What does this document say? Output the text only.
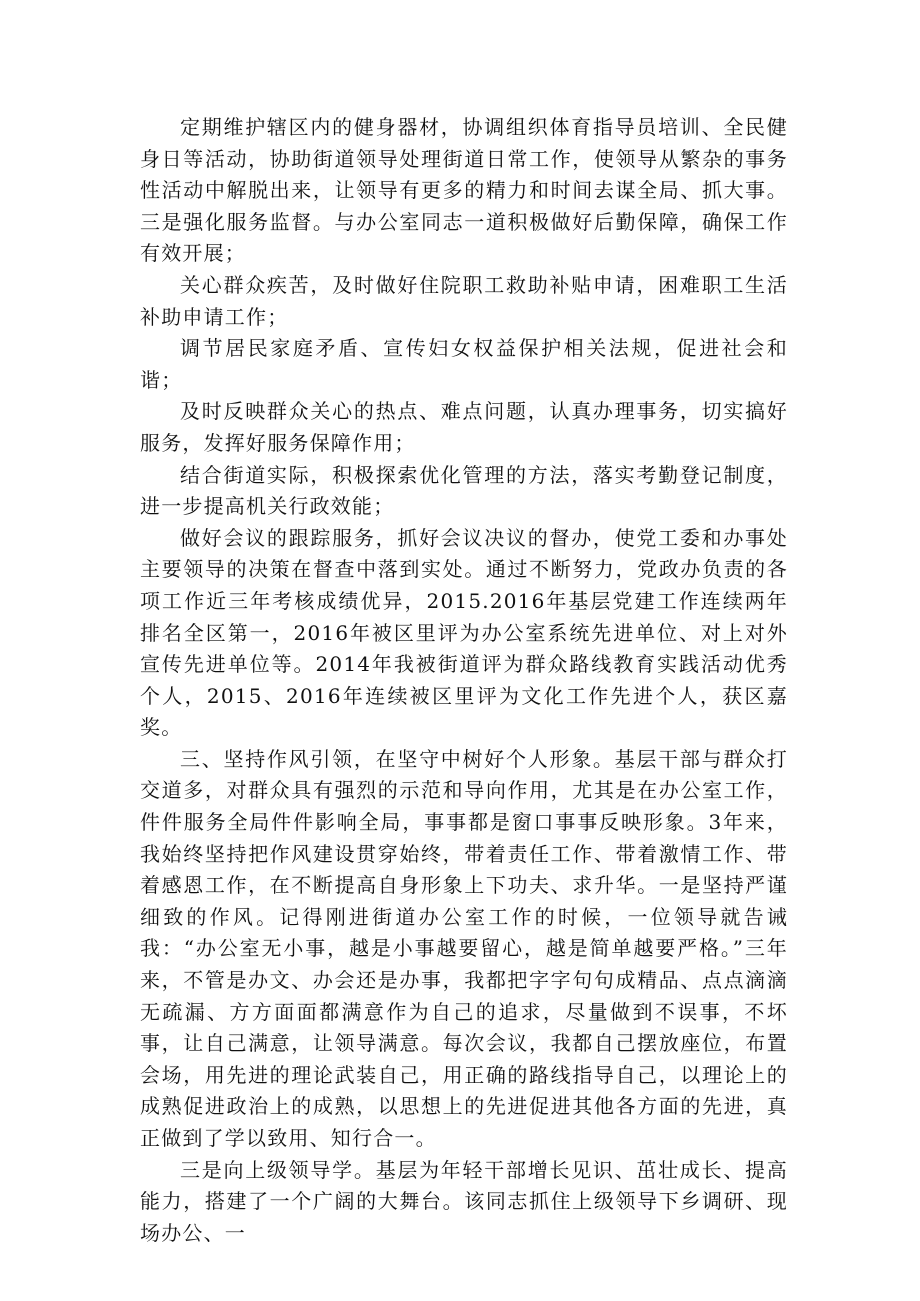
定期维护辖区内的健身器材，协调组织体育指导员培训、全民健身日等活动，协助街道领导处理街道日常工作，使领导从繁杂的事务性活动中解脱出来，让领导有更多的精力和时间去谋全局、抓大事。三是强化服务监督。与办公室同志一道积极做好后勤保障，确保工作有效开展；

关心群众疾苦，及时做好住院职工救助补贴申请，困难职工生活补助申请工作；

调节居民家庭矛盾、宣传妇女权益保护相关法规，促进社会和谐；

及时反映群众关心的热点、难点问题，认真办理事务，切实搞好服务，发挥好服务保障作用；

结合街道实际，积极探索优化管理的方法，落实考勤登记制度，进一步提高机关行政效能；

做好会议的跟踪服务，抓好会议决议的督办，使党工委和办事处主要领导的决策在督查中落到实处。通过不断努力，党政办负责的各项工作近三年考核成绩优异，2015.2016年基层党建工作连续两年排名全区第一，2016年被区里评为办公室系统先进单位、对上对外宣传先进单位等。2014年我被街道评为群众路线教育实践活动优秀个人，2015、2016年连续被区里评为文化工作先进个人，获区嘉奖。

三、坚持作风引领，在坚守中树好个人形象。基层干部与群众打交道多，对群众具有强烈的示范和导向作用，尤其是在办公室工作，件件服务全局件件影响全局，事事都是窗口事事反映形象。3年来，我始终坚持把作风建设贯穿始终，带着责任工作、带着激情工作、带着感恩工作，在不断提高自身形象上下功夫、求升华。一是坚持严谨细致的作风。记得刚进街道办公室工作的时候，一位领导就告诫我：“办公室无小事，越是小事越要留心，越是简单越要严格。”三年来，不管是办文、办会还是办事，我都把字字句句成精品、点点滴滴无疏漏、方方面面都满意作为自己的追求，尽量做到不误事，不坏事，让自己满意，让领导满意。每次会议，我都自己摆放座位，布置会场，用先进的理论武装自己，用正确的路线指导自己，以理论上的成熟促进政治上的成熟，以思想上的先进促进其他各方面的先进，真正做到了学以致用、知行合一。

三是向上级领导学。基层为年轻干部增长见识、茁壮成长、提高能力，搭建了一个广阔的大舞台。该同志抓住上级领导下乡调研、现场办公、一
